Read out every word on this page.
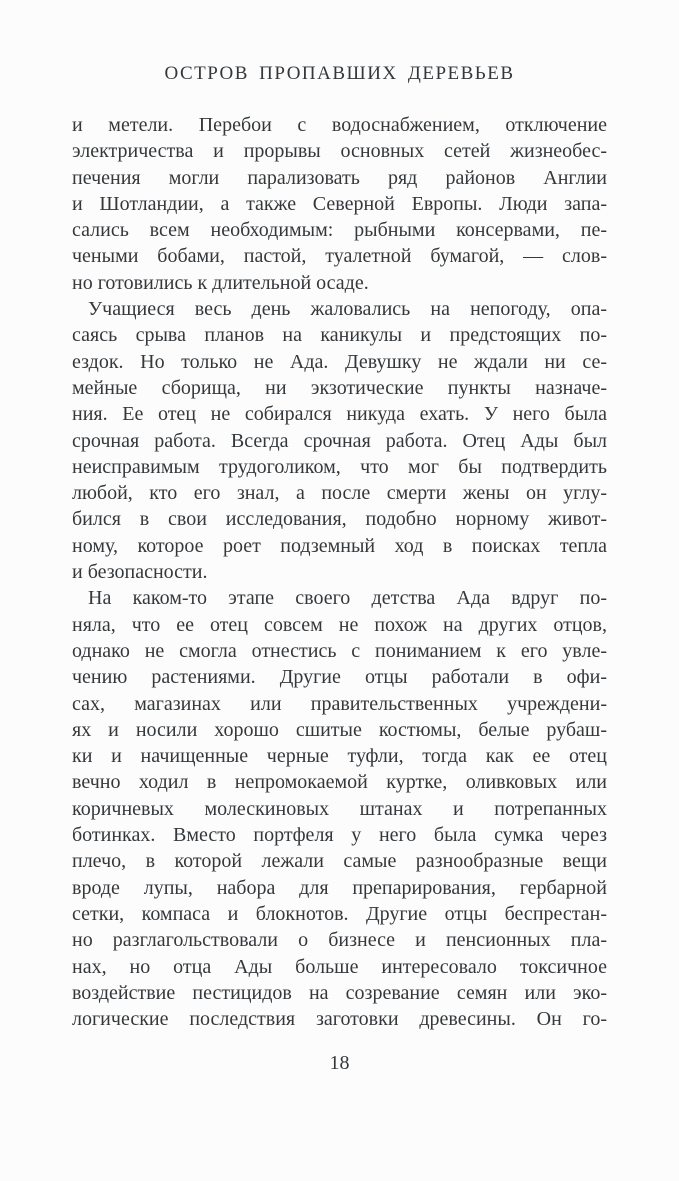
ОСТРОВ ПРОПАВШИХ ДЕРЕВЬЕВ
и метели. Перебои с водоснабжением, отключение
электричества и прорывы основных сетей жизнеобес-
печения могли парализовать ряд районов Англии
и Шотландии, а также Северной Европы. Люди запа-
сались всем необходимым: рыбными консервами, пе-
чеными бобами, пастой, туалетной бумагой, — слов-
но готовились к длительной осаде.
Учащиеся весь день жаловались на непогоду, опа-
саясь срыва планов на каникулы и предстоящих по-
ездок. Но только не Ада. Девушку не ждали ни се-
мейные сборища, ни экзотические пункты назначе-
ния. Ее отец не собирался никуда ехать. У него была
срочная работа. Всегда срочная работа. Отец Ады был
неисправимым трудоголиком, что мог бы подтвердить
любой, кто его знал, а после смерти жены он углу-
бился в свои исследования, подобно норному живот-
ному, которое роет подземный ход в поисках тепла
и безопасности.
На каком-то этапе своего детства Ада вдруг по-
няла, что ее отец совсем не похож на других отцов,
однако не смогла отнестись с пониманием к его увле-
чению растениями. Другие отцы работали в офи-
сах, магазинах или правительственных учреждени-
ях и носили хорошо сшитые костюмы, белые рубаш-
ки и начищенные черные туфли, тогда как ее отец
вечно ходил в непромокаемой куртке, оливковых или
коричневых молескиновых штанах и потрепанных
ботинках. Вместо портфеля у него была сумка через
плечо, в которой лежали самые разнообразные вещи
вроде лупы, набора для препарирования, гербарной
сетки, компаса и блокнотов. Другие отцы беспрестан-
но разглагольствовали о бизнесе и пенсионных пла-
нах, но отца Ады больше интересовало токсичное
воздействие пестицидов на созревание семян или эко-
логические последствия заготовки древесины. Он го-
18
